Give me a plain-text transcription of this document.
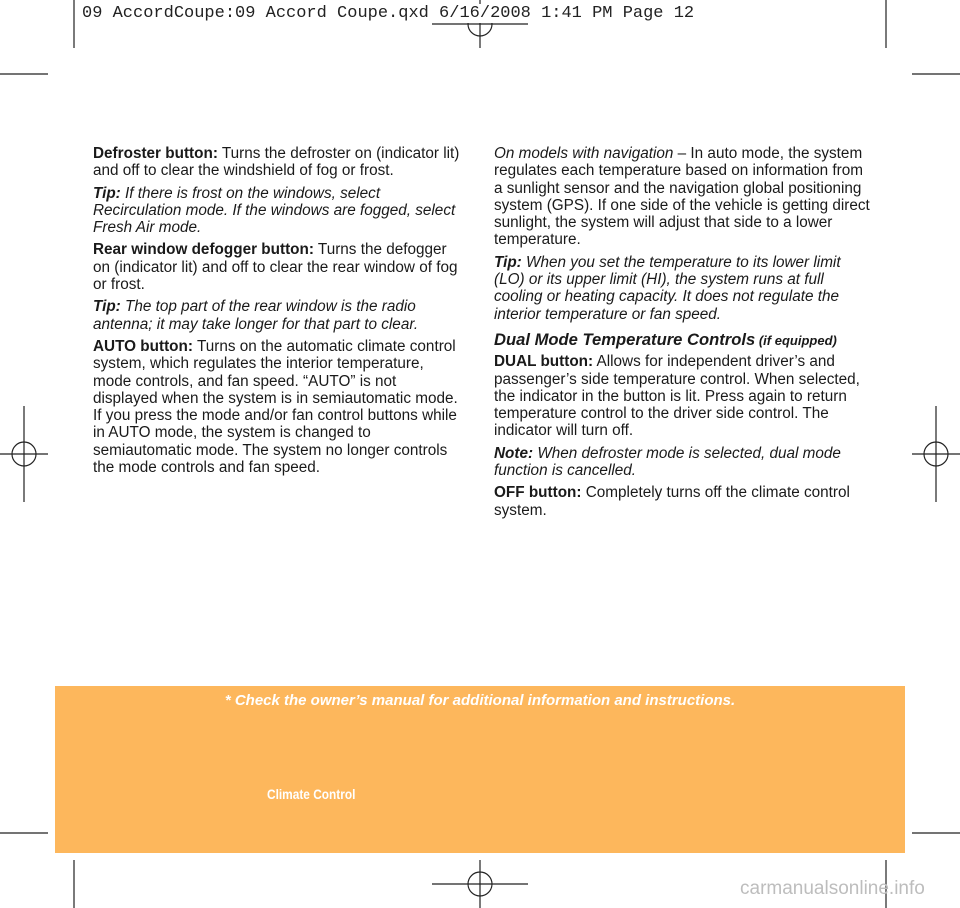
09 AccordCoupe:09 Accord Coupe.qxd 6/16/2008 1:41 PM Page 12

Defroster button: Turns the defroster on (indicator lit) and off to clear the windshield of fog or frost.

Tip: If there is frost on the windows, select Recirculation mode. If the windows are fogged, select Fresh Air mode.

Rear window defogger button: Turns the defogger on (indicator lit) and off to clear the rear window of fog or frost.

Tip: The top part of the rear window is the radio antenna; it may take longer for that part to clear.

AUTO button: Turns on the automatic climate control system, which regulates the interior temperature, mode controls, and fan speed. “AUTO” is not displayed when the system is in semiautomatic mode. If you press the mode and/or fan control buttons while in AUTO mode, the system is changed to semiautomatic mode. The system no longer controls the mode controls and fan speed.

On models with navigation – In auto mode, the system regulates each temperature based on information from a sunlight sensor and the navigation global positioning system (GPS). If one side of the vehicle is getting direct sunlight, the system will adjust that side to a lower temperature.

Tip: When you set the temperature to its lower limit (LO) or its upper limit (HI), the system runs at full cooling or heating capacity. It does not regulate the interior temperature or fan speed.

Dual Mode Temperature Controls (if equipped)

DUAL button: Allows for independent driver’s and passenger’s side temperature control. When selected, the indicator in the button is lit. Press again to return temperature control to the driver side control. The indicator will turn off.

Note: When defroster mode is selected, dual mode function is cancelled.

OFF button: Completely turns off the climate control system.

* Check the owner’s manual for additional information and instructions.
Climate Control
carmanualsonline.info
